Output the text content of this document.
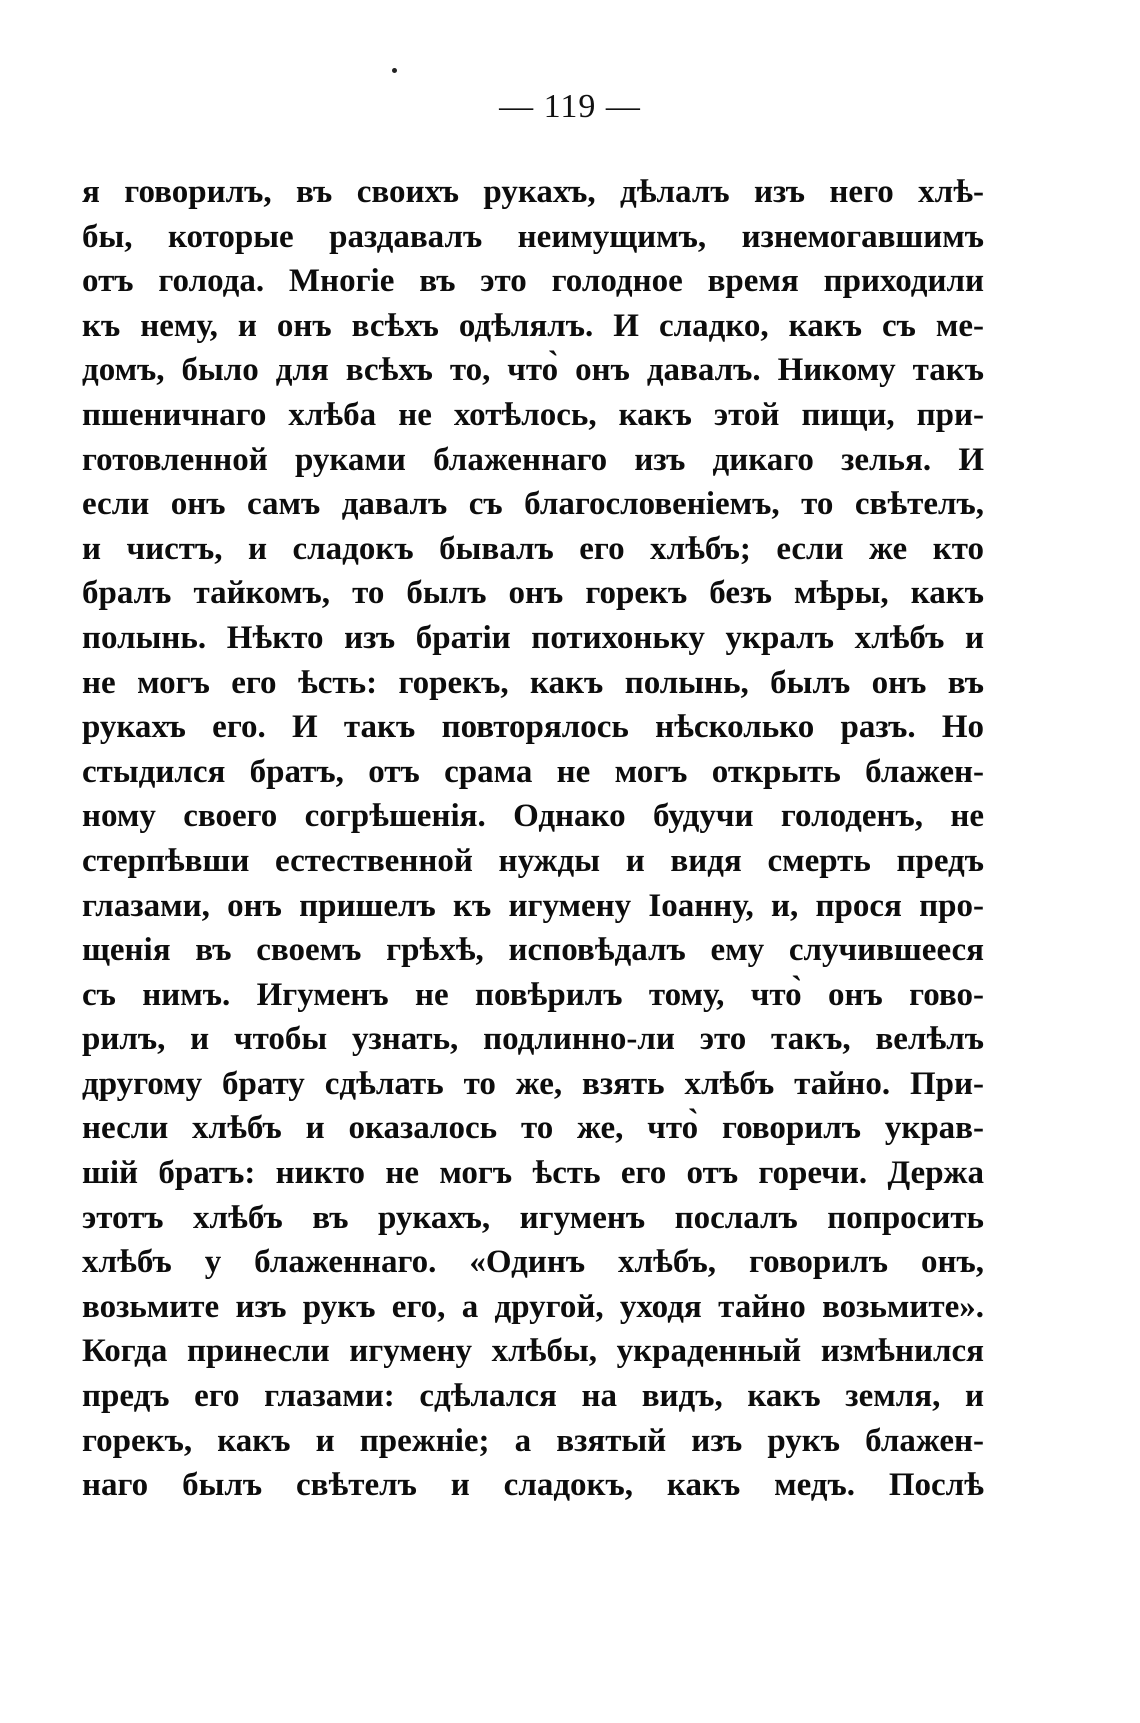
— 119 —
я говорилъ, въ своихъ рукахъ, дѣлалъ изъ него хлѣ-
бы, которые раздавалъ неимущимъ, изнемогавшимъ
отъ голода. Многіе въ это голодное время приходили
къ нему, и онъ всѣхъ одѣлялъ. И сладко, какъ съ ме-
домъ, было для всѣхъ то, что̀ онъ давалъ. Никому такъ
пшеничнаго хлѣба не хотѣлось, какъ этой пищи, при-
готовленной руками блаженнаго изъ дикаго зелья. И
если онъ самъ давалъ съ благословеніемъ, то свѣтелъ,
и чистъ, и сладокъ бывалъ его хлѣбъ; если же кто
бралъ тайкомъ, то былъ онъ горекъ безъ мѣры, какъ
полынь. Нѣкто изъ братіи потихоньку укралъ хлѣбъ и
не могъ его ѣсть: горекъ, какъ полынь, былъ онъ въ
рукахъ его. И такъ повторялось нѣсколько разъ. Но
стыдился братъ, отъ срама не могъ открыть блажен-
ному своего согрѣшенія. Однако будучи голоденъ, не
стерпѣвши естественной нужды и видя смерть предъ
глазами, онъ пришелъ къ игумену Іоанну, и, прося про-
щенія въ своемъ грѣхѣ, исповѣдалъ ему случившееся
съ нимъ. Игуменъ не повѣрилъ тому, что̀ онъ гово-
рилъ, и чтобы узнать, подлинно-ли это такъ, велѣлъ
другому брату сдѣлать то же, взять хлѣбъ тайно. При-
несли хлѣбъ и оказалось то же, что̀ говорилъ украв-
шій братъ: никто не могъ ѣсть его отъ горечи. Держа
этотъ хлѣбъ въ рукахъ, игуменъ послалъ попросить
хлѣбъ у блаженнаго. «Одинъ хлѣбъ, говорилъ онъ,
возьмите изъ рукъ его, а другой, уходя тайно возьмите».
Когда принесли игумену хлѣбы, украденный измѣнился
предъ его глазами: сдѣлался на видъ, какъ земля, и
горекъ, какъ и прежніе; а взятый изъ рукъ блажен-
наго былъ свѣтелъ и сладокъ, какъ медъ. Послѣ
